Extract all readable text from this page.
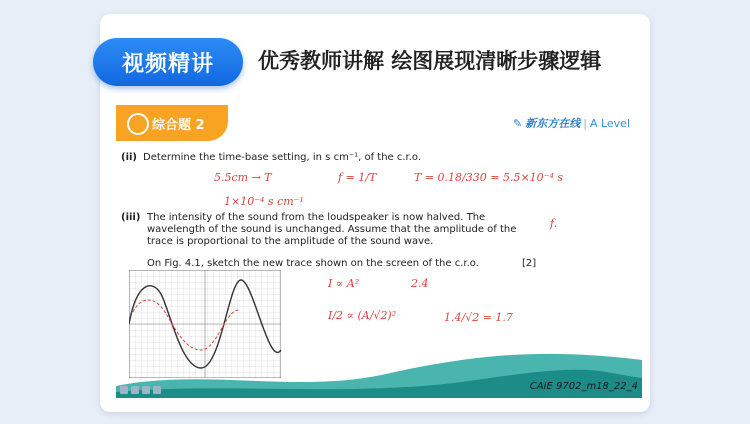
视频精讲 优秀教师讲解 绘图展现清晰步骤逻辑
综合题 2	✎ 新东方在线 | A Level
(ii) Determine the time-base setting, in s cm⁻¹, of the c.r.o.
5.5cm → T	f = 1/T	T = 0.18/330 = 5.5×10⁻⁴ s
1×10⁻⁴ s cm⁻¹
(iii) The intensity of the sound from the loudspeaker is now halved. The wavelength of the sound is unchanged. Assume that the amplitude of the trace is proportional to the amplitude of the sound wave.
f.
On Fig. 4.1, sketch the new trace shown on the screen of the c.r.o.	[2]
I ∝ A²	2.4
I/2 ∝ (A/√2)²	1.4/√2 = 1.7
CAIE 9702_m18_22_4
